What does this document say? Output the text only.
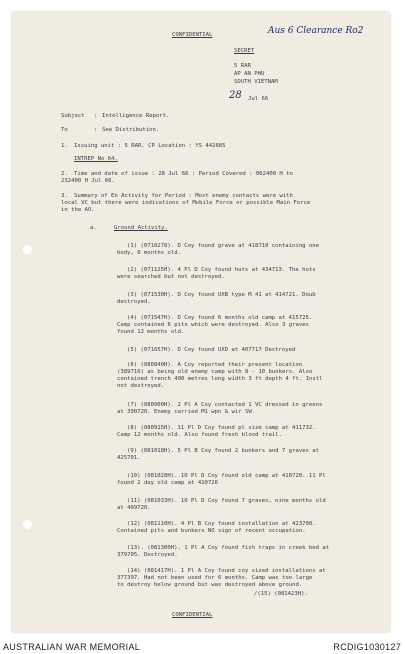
CONFIDENTIAL	Aus 6 Clearance Ro2
SECRET
5 RAR
AP AN PHU
SOUTH VIETNAM
28 Jul 66
Subject : Intelligence Report.
To	: See Distribution.
1. Issuing unit : 5 RAR, CP Location : YS 442685
INTREP No 64.
2. Time and date of issue : 28 Jul 66 : Period Covered : 062400 H to
232400 H Jul 66.
3. Summary of En Activity for Period : Most enemy contacts were with
local VC but there were indications of Mobile Force or possible Main Force
in the AO.
a.	Ground Activity.
(1) (0710278). D Coy found grave at 418710 containing one
body, 6 months old.
(2) (071125H). 4 Pl D Coy found huts at 434713. The huts
were searched but not destroyed.
(3) (071530H). D Coy found UXB type M 41 at 414721. Doub
destroyed.
(4) (071547H). D Coy found 6 months old camp at 415725.
Camp contained 6 pits which were destroyed. Also 3 graves
found 12 months old.
(5) (071657H). D Coy found UXD at 407717 Destroyed
(6) (080840H). A Coy reported their present location
(389716) as being old enemy camp with 8 - 10 bunkers. Also
contained trench 400 metres long width 3 ft depth 4 ft. Instl
not destroyed.
(7) (080900H). 2 Pl A Coy contacted 1 VC dressed in greens
at 390720. Enemy carried M1 wpn & wir SW.
(8) (080915H). 11 Pl D Coy found pl size camp at 411732.
Camp 12 months old. Also found fresh blood trail.
(9) (081018H). 5 Pl B Coy found 2 bunkers and 7 graves at
425701.
(10) (081028H). 10 Pl D Coy found old camp at 410720. 11 Pl
found 2 day old camp at 410726
(11) (081033H). 10 Pl D Coy found 7 graves, nine months old
at 409720.
(12) (081110H). 4 Pl B Coy found installation at 423708.
Contained pits and bunkers NO sign of recent occupation.
(13). (081300H). 1 Pl A Coy found fish traps in creek bed at
379705. Destroyed.
(14) (081417H). 1 Pl A Coy found coy sized installations at
377397. Had not been used for 6 months. Camp was too large
to destroy below ground but was destroyed above ground.
/(15) (081423H).
CONFIDENTIAL
AUSTRALIAN WAR MEMORIAL	RCDIG1030127
